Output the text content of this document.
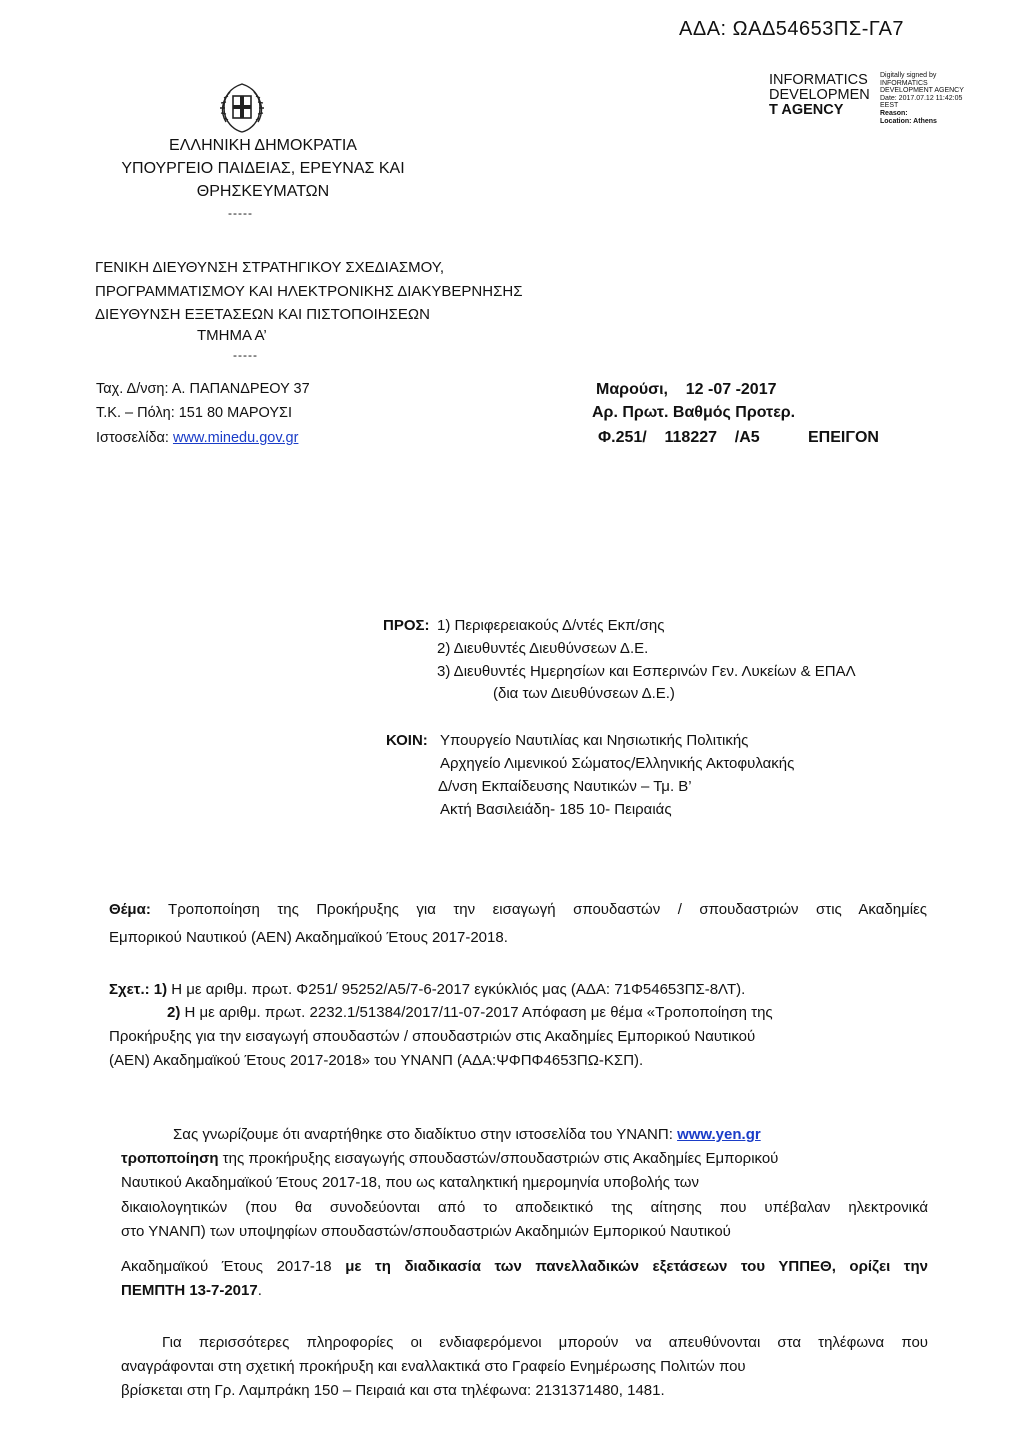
ΑΔΑ: ΩΑΔ54653ΠΣ-ΓΑ7
INFORMATICS
DEVELOPMEN
T AGENCY
Digitally signed by
INFORMATICS
DEVELOPMENT AGENCY
Date: 2017.07.12 11:42:05
EEST
Reason:
Location: Athens
ΕΛΛΗΝΙΚΗ ΔΗΜΟΚΡΑΤΙΑ
ΥΠΟΥΡΓΕΙΟ ΠΑΙΔΕΙΑΣ, ΕΡΕΥΝΑΣ ΚΑΙ
ΘΡΗΣΚΕΥΜΑΤΩΝ
-----
ΓΕΝΙΚΗ ΔΙΕΥΘΥΝΣΗ ΣΤΡΑΤΗΓΙΚΟΥ ΣΧΕΔΙΑΣΜΟΥ,
ΠΡΟΓΡΑΜΜΑΤΙΣΜΟΥ ΚΑΙ ΗΛΕΚΤΡΟΝΙΚΗΣ ΔΙΑΚΥΒΕΡΝΗΣΗΣ
ΔΙΕΥΘΥΝΣΗ ΕΞΕΤΑΣΕΩΝ ΚΑΙ ΠΙΣΤΟΠΟΙΗΣΕΩΝ
ΤΜΗΜΑ Α’
-----
Ταχ. Δ/νση: Α. ΠΑΠΑΝΔΡΕΟΥ 37
Τ.Κ. – Πόλη: 151 80 ΜΑΡΟΥΣΙ
Ιστοσελίδα: www.minedu.gov.gr
Μαρούσι,    12 -07 -2017
Αρ. Πρωτ. Βαθμός Προτερ.
Φ.251/    118227    /Α5	ΕΠΕΙΓΟΝ
ΠΡΟΣ: 1) Περιφερειακούς Δ/ντές Εκπ/σης
2) Διευθυντές Διευθύνσεων Δ.Ε.
3) Διευθυντές Ημερησίων και Εσπερινών Γεν. Λυκείων & ΕΠΑΛ
(δια των Διευθύνσεων Δ.Ε.)
ΚΟΙΝ: Υπουργείο Ναυτιλίας και Νησιωτικής Πολιτικής
Αρχηγείο Λιμενικού Σώματος/Ελληνικής Ακτοφυλακής
Δ/νση Εκπαίδευσης Ναυτικών – Τμ. Β’
Ακτή Βασιλειάδη- 185 10- Πειραιάς
Θέμα: Τροποποίηση της Προκήρυξης για την εισαγωγή σπουδαστών / σπουδαστριών στις Ακαδημίες
Εμπορικού Ναυτικού (ΑΕΝ) Ακαδημαϊκού Έτους 2017-2018.
Σχετ.: 1) Η με αριθμ. πρωτ. Φ251/ 95252/Α5/7-6-2017 εγκύκλιός μας (ΑΔΑ: 71Φ54653ΠΣ-8ΛΤ).
2) Η με αριθμ. πρωτ. 2232.1/51384/2017/11-07-2017 Απόφαση με θέμα «Τροποποίηση της
Προκήρυξης για την εισαγωγή σπουδαστών / σπουδαστριών στις Ακαδημίες Εμπορικού Ναυτικού
(ΑΕΝ) Ακαδημαϊκού Έτους 2017-2018» του ΥΝΑΝΠ (ΑΔΑ:ΨΦΠΦ4653ΠΩ-ΚΣΠ).
Σας γνωρίζουμε ότι αναρτήθηκε στο διαδίκτυο στην ιστοσελίδα του ΥΝΑΝΠ: www.yen.gr
τροποποίηση της προκήρυξης εισαγωγής σπουδαστών/σπουδαστριών στις Ακαδημίες Εμπορικού
Ναυτικού Ακαδημαϊκού Έτους 2017-18, που ως καταληκτική ημερομηνία υποβολής των
δικαιολογητικών (που θα συνοδεύονται από το αποδεικτικό της αίτησης που υπέβαλαν ηλεκτρονικά
στο ΥΝΑΝΠ) των υποψηφίων σπουδαστών/σπουδαστριών Ακαδημιών Εμπορικού Ναυτικού
Ακαδημαϊκού Έτους 2017-18 με τη διαδικασία των πανελλαδικών εξετάσεων του ΥΠΠΕΘ, ορίζει την
ΠΕΜΠΤΗ 13-7-2017.
Για περισσότερες πληροφορίες οι ενδιαφερόμενοι μπορούν να απευθύνονται στα τηλέφωνα που
αναγράφονται στη σχετική προκήρυξη και εναλλακτικά στο Γραφείο Ενημέρωσης Πολιτών που
βρίσκεται στη Γρ. Λαμπράκη 150 – Πειραιά και στα τηλέφωνα: 2131371480, 1481.
